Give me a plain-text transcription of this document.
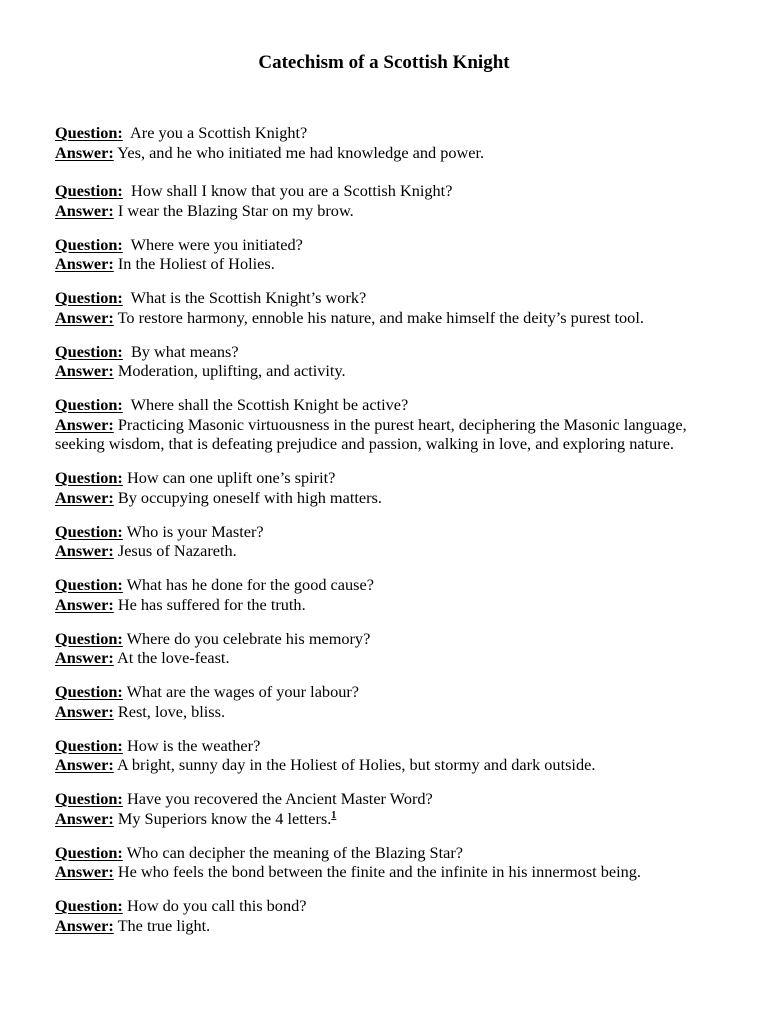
Catechism of a Scottish Knight
Question: Are you a Scottish Knight?
Answer: Yes, and he who initiated me had knowledge and power.
Question: How shall I know that you are a Scottish Knight?
Answer: I wear the Blazing Star on my brow.
Question: Where were you initiated?
Answer: In the Holiest of Holies.
Question: What is the Scottish Knight’s work?
Answer: To restore harmony, ennoble his nature, and make himself the deity’s purest tool.
Question: By what means?
Answer: Moderation, uplifting, and activity.
Question: Where shall the Scottish Knight be active?
Answer: Practicing Masonic virtuousness in the purest heart, deciphering the Masonic language, seeking wisdom, that is defeating prejudice and passion, walking in love, and exploring nature.
Question: How can one uplift one’s spirit?
Answer: By occupying oneself with high matters.
Question: Who is your Master?
Answer: Jesus of Nazareth.
Question: What has he done for the good cause?
Answer: He has suffered for the truth.
Question: Where do you celebrate his memory?
Answer: At the love-feast.
Question: What are the wages of your labour?
Answer: Rest, love, bliss.
Question: How is the weather?
Answer: A bright, sunny day in the Holiest of Holies, but stormy and dark outside.
Question: Have you recovered the Ancient Master Word?
Answer: My Superiors know the 4 letters.$^1$
Question: Who can decipher the meaning of the Blazing Star?
Answer: He who feels the bond between the finite and the infinite in his innermost being.
Question: How do you call this bond?
Answer: The true light.
